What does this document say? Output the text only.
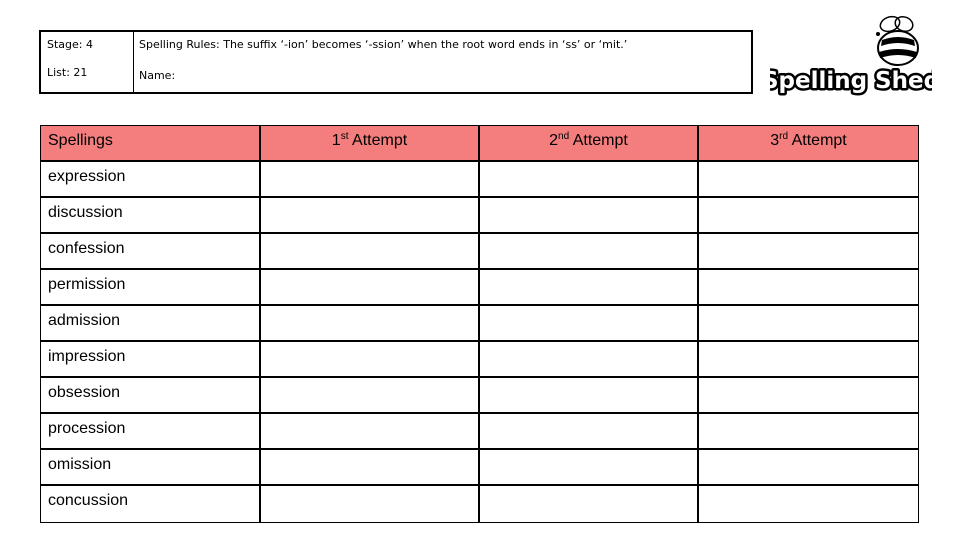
Stage: 4	Spelling Rules: The suffix ‘-ion’ becomes ‘-ssion’ when the root word ends in ‘ss’ or ‘mit.’
List: 21	Name:	Spelling Shed
Spellings	1st Attempt	2nd Attempt	3rd Attempt
expression
discussion
confession
permission
admission
impression
obsession
procession
omission
concussion
